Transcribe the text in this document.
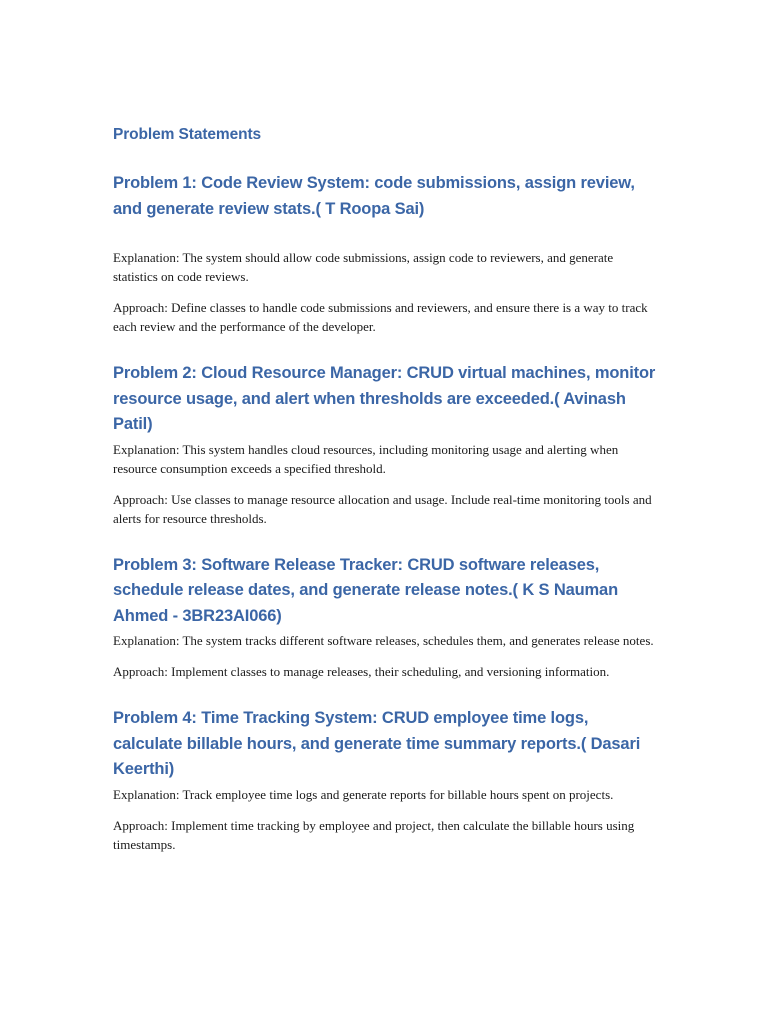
Problem Statements
Problem 1: Code Review System: code submissions, assign review, and generate review stats.( T Roopa Sai)

Explanation: The system should allow code submissions, assign code to reviewers, and generate statistics on code reviews.

Approach: Define classes to handle code submissions and reviewers, and ensure there is a way to track each review and the performance of the developer.

Problem 2: Cloud Resource Manager: CRUD virtual machines, monitor resource usage, and alert when thresholds are exceeded.( Avinash Patil)

Explanation: This system handles cloud resources, including monitoring usage and alerting when resource consumption exceeds a specified threshold.

Approach: Use classes to manage resource allocation and usage. Include real-time monitoring tools and alerts for resource thresholds.

Problem 3: Software Release Tracker: CRUD software releases, schedule release dates, and generate release notes.( K S Nauman Ahmed - 3BR23AI066)

Explanation: The system tracks different software releases, schedules them, and generates release notes.

Approach: Implement classes to manage releases, their scheduling, and versioning information.

Problem 4: Time Tracking System: CRUD employee time logs, calculate billable hours, and generate time summary reports.( Dasari Keerthi)

Explanation: Track employee time logs and generate reports for billable hours spent on projects.

Approach: Implement time tracking by employee and project, then calculate the billable hours using timestamps.
